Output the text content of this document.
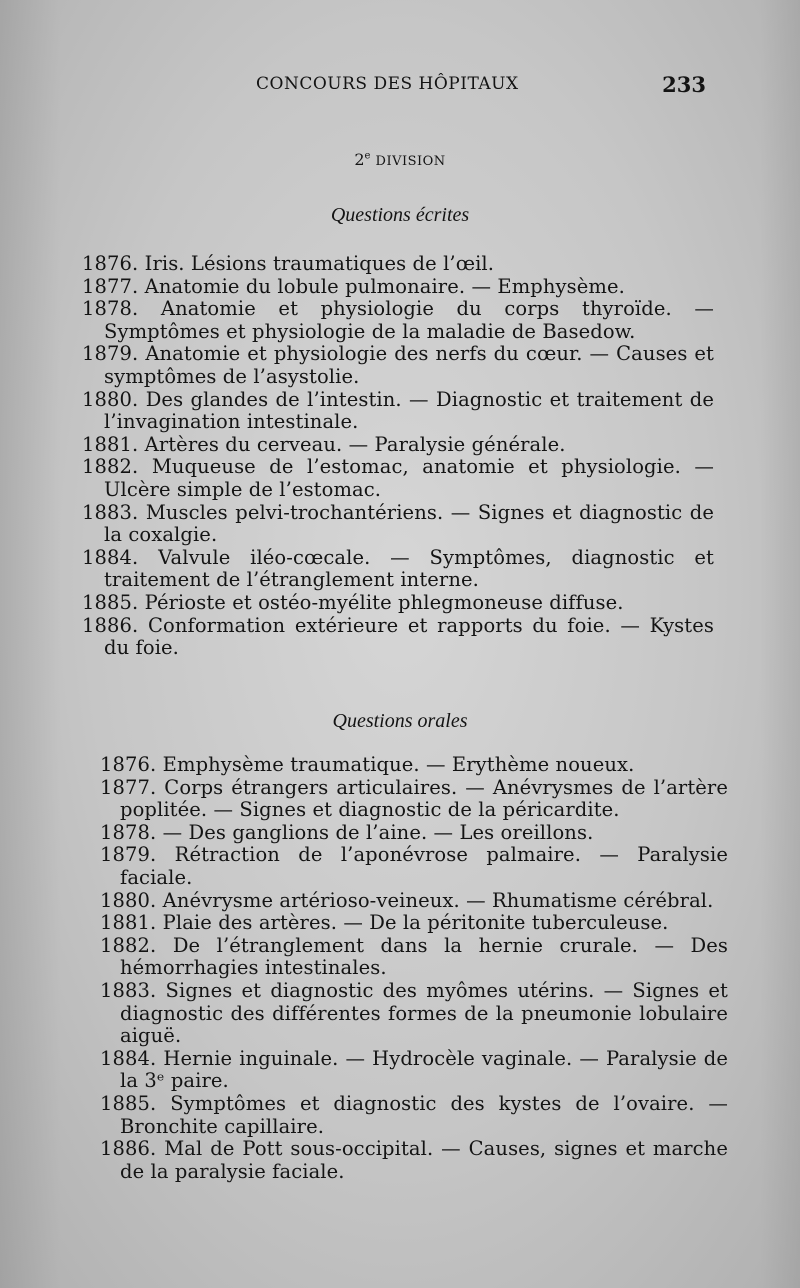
CONCOURS DES HÔPITAUX	233
2e DIVISION
Questions écrites
1876. Iris. Lésions traumatiques de l’œil.
1877. Anatomie du lobule pulmonaire. — Emphysème.
1878. Anatomie et physiologie du corps thyroïde. — Symptômes et physiologie de la maladie de Basedow.
1879. Anatomie et physiologie des nerfs du cœur. — Causes et symptômes de l’asystolie.
1880. Des glandes de l’intestin. — Diagnostic et traitement de l’invagination intestinale.
1881. Artères du cerveau. — Paralysie générale.
1882. Muqueuse de l’estomac, anatomie et physiologie. — Ulcère simple de l’estomac.
1883. Muscles pelvi-trochantériens. — Signes et diagnostic de la coxalgie.
1884. Valvule iléo-cœcale. — Symptômes, diagnostic et traitement de l’étranglement interne.
1885. Périoste et ostéo-myélite phlegmoneuse diffuse.
1886. Conformation extérieure et rapports du foie. — Kystes du foie.
Questions orales
1876. Emphysème traumatique. — Erythème noueux.
1877. Corps étrangers articulaires. — Anévrysmes de l’artère poplitée. — Signes et diagnostic de la péricardite.
1878. — Des ganglions de l’aine. — Les oreillons.
1879. Rétraction de l’aponévrose palmaire. — Paralysie faciale.
1880. Anévrysme artérioso-veineux. — Rhumatisme cérébral.
1881. Plaie des artères. — De la péritonite tuberculeuse.
1882. De l’étranglement dans la hernie crurale. — Des hémorrhagies intestinales.
1883. Signes et diagnostic des myômes utérins. — Signes et diagnostic des différentes formes de la pneumonie lobulaire aiguë.
1884. Hernie inguinale. — Hydrocèle vaginale. — Paralysie de la 3ᵉ paire.
1885. Symptômes et diagnostic des kystes de l’ovaire. — Bronchite capillaire.
1886. Mal de Pott sous-occipital. — Causes, signes et marche de la paralysie faciale.
